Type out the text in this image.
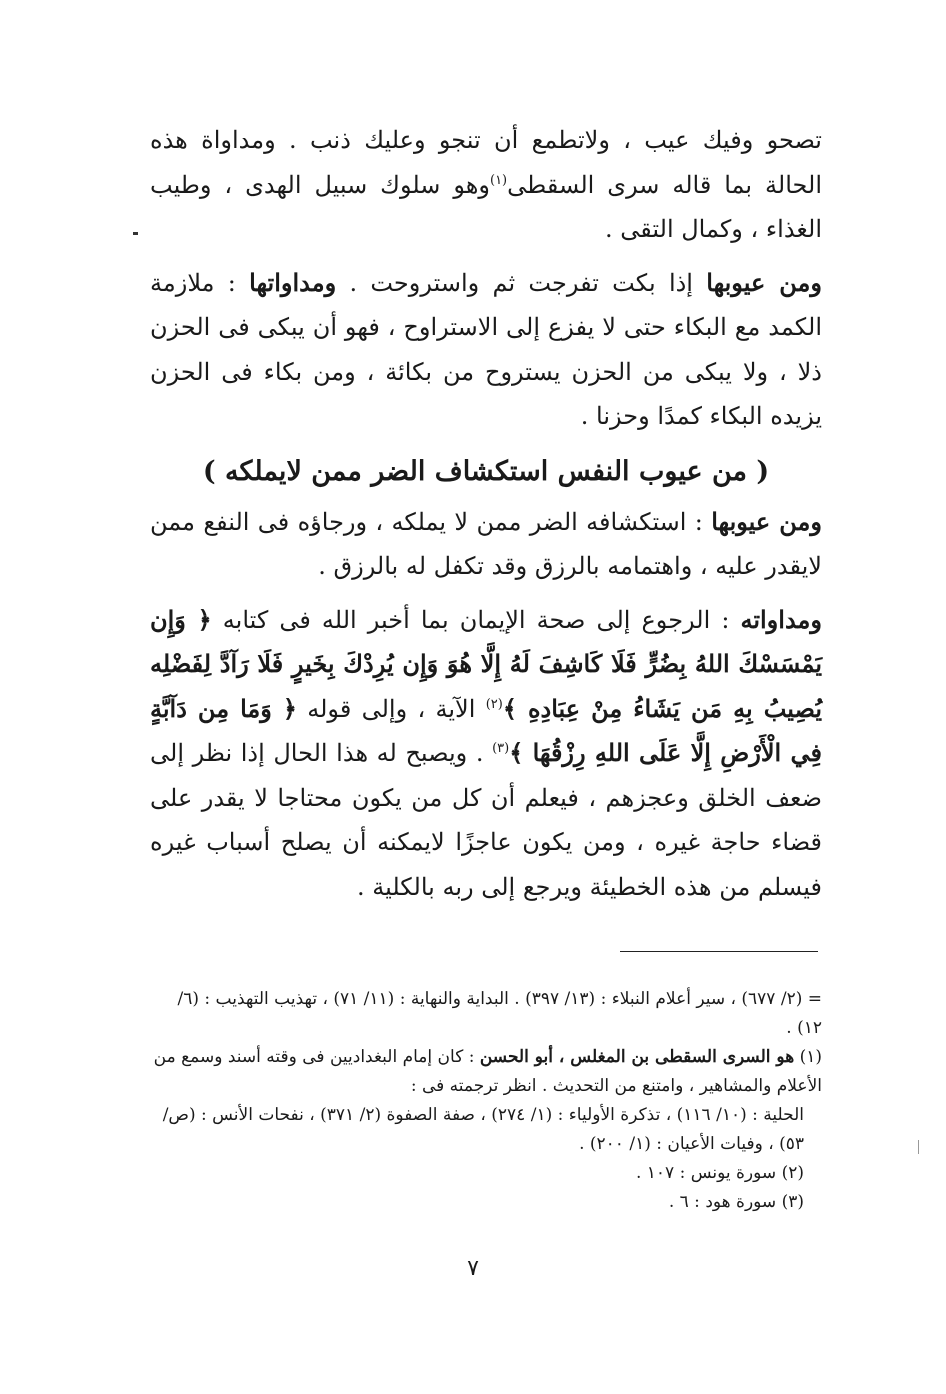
تصحو وفيك عيب ، ولاتطمع أن تنجو وعليك ذنب . ومداواة هذه الحالة بما قاله سرى السقطى$^{(١)}$وهو سلوك سبيل الهدى ، وطيب الغذاء ، وكمال التقى .

ومن عيوبها إذا بكت تفرجت ثم واستروحت . ومداواتها : ملازمة الكمد مع البكاء حتى لا يفزع إلى الاستراوح ، فهو أن يبكى فى الحزن ذلا ، ولا يبكى من الحزن يستروح من بكائة ، ومن بكاء فى الحزن يزيده البكاء كمدًا وحزنا .

( من عيوب النفس استكشاف الضر ممن لايملكه )

ومن عيوبها : استكشافه الضر ممن لا يملكه ، ورجاؤه فى النفع ممن لايقدر عليه ، واهتمامه بالرزق وقد تكفل له بالرزق .

ومداواته : الرجوع إلى صحة الإيمان بما أخبر الله فى كتابه ﴿ وَإِن يَمْسَسْكَ اللهُ بِضُرٍّ فَلَا كَاشِفَ لَهُ إِلَّا هُوَ وَإِن يُرِدْكَ بِخَيرٍ فَلَا رَآدَّ لِفَضْلِه يُصِيبُ بِهِ مَن يَشَاءُ مِنْ عِبَادِهِ ﴾$^{(٢)}$ الآية ، وإلى قوله ﴿ وَمَا مِن دَآبَّةٍ فِي الْأَرْضِ إِلَّا عَلَى اللهِ رِزْقُهَا ﴾$^{(٣)}$ . ويصبح له هذا الحال إذا نظر إلى ضعف الخلق وعجزهم ، فيعلم أن كل من يكون محتاجا لا يقدر على قضاء حاجة غيره ، ومن يكون عاجزًا لايمكنه أن يصلح أسباب غيره فيسلم من هذه الخطيئة ويرجع إلى ربه بالكلية .

= (٢/ ٦٧٧) ، سير أعلام النبلاء : (١٣/ ٣٩٧) . البداية والنهاية : (١١/ ٧١) ، تهذيب التهذيب : (٦/ ١٢) .

(١) هو السرى السقطى بن المغلس ، أبو الحسن : كان إمام البغداديين فى وقته أسند وسمع من الأعلام والمشاهير ، وامتنع من التحديث . انظر ترجمته فى :

الحلية : (١٠/ ١١٦) ، تذكرة الأولياء : (١/ ٢٧٤) ، صفة الصفوة (٢/ ٣٧١) ، نفحات الأنس : (ص/ ٥٣) ، وفيات الأعيان : (١/ ٢٠٠) .

(٢) سورة يونس : ١٠٧ .

(٣) سورة هود : ٦ .

٧
